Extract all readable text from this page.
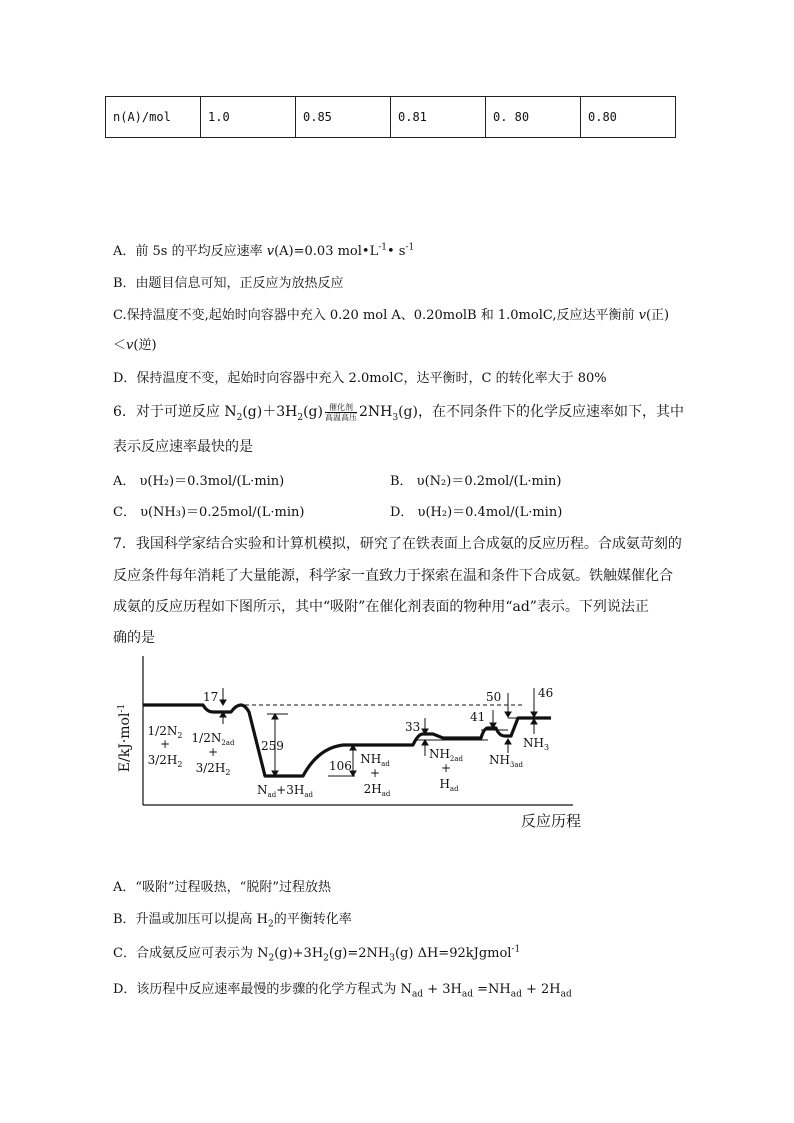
n(A)/mol	1.0	0.85	0.81	0. 80	0.80
A．前 5s 的平均反应速率 v(A)=0.03 $mol•L^{-1}•$ $s^{-1}$
B．由题目信息可知，正反应为放热反应
C.保持温度不变,起始时向容器中充入 0.20 mol A、0.20molB 和 1.0molC,反应达平衡前 v(正)
＜v(逆)
D．保持温度不变，起始时向容器中充入 2.0molC，达平衡时，C 的转化率大于 80%
6．对于可逆反应 $N_2(g)+3H_2(g) \frac{\text{催化剂}}{\text{高温高压}} 2NH_3(g)$，在不同条件下的化学反应速率如下，其中
表示反应速率最快的是
A． υ(H₂)＝0.3mol/(L·min)	B． υ(N₂)＝0.2mol/(L·min)
C． υ(NH₃)＝0.25mol/(L·min)	D． υ(H₂)＝0.4mol/(L·min)
7．我国科学家结合实验和计算机模拟，研究了在铁表面上合成氨的反应历程。合成氨苛刻的
反应条件每年消耗了大量能源，科学家一直致力于探索在温和条件下合成氨。铁触媒催化合
成氨的反应历程如下图所示，其中“吸附”在催化剂表面的物种用“ad”表示。下列说法正
确的是
E/kJ·mol$^{-1}$
反应历程
17
259
106
33
41
50	46
$1/2N_2$
+
$3/2H_2$
$1/2N_{2ad}$
+
$3/2H_2$
$N_{ad}+3H_{ad}$
$NH_{ad}$
+
$2H_{ad}$
$NH_{2ad}$
+
$H_{ad}$
$NH_{3ad}$
$NH_3$
A．“吸附”过程吸热，“脱附”过程放热
B．升温或加压可以提高 $H_2$的平衡转化率
C．合成氨反应可表示为 $N_2(g)+3H_2(g)=2NH_3(g)$ ΔH=92kJgmol$^{-1}$
D．该历程中反应速率最慢的步骤的化学方程式为 $N_{ad} + 3H_{ad} =NH_{ad} + 2H_{ad}$
